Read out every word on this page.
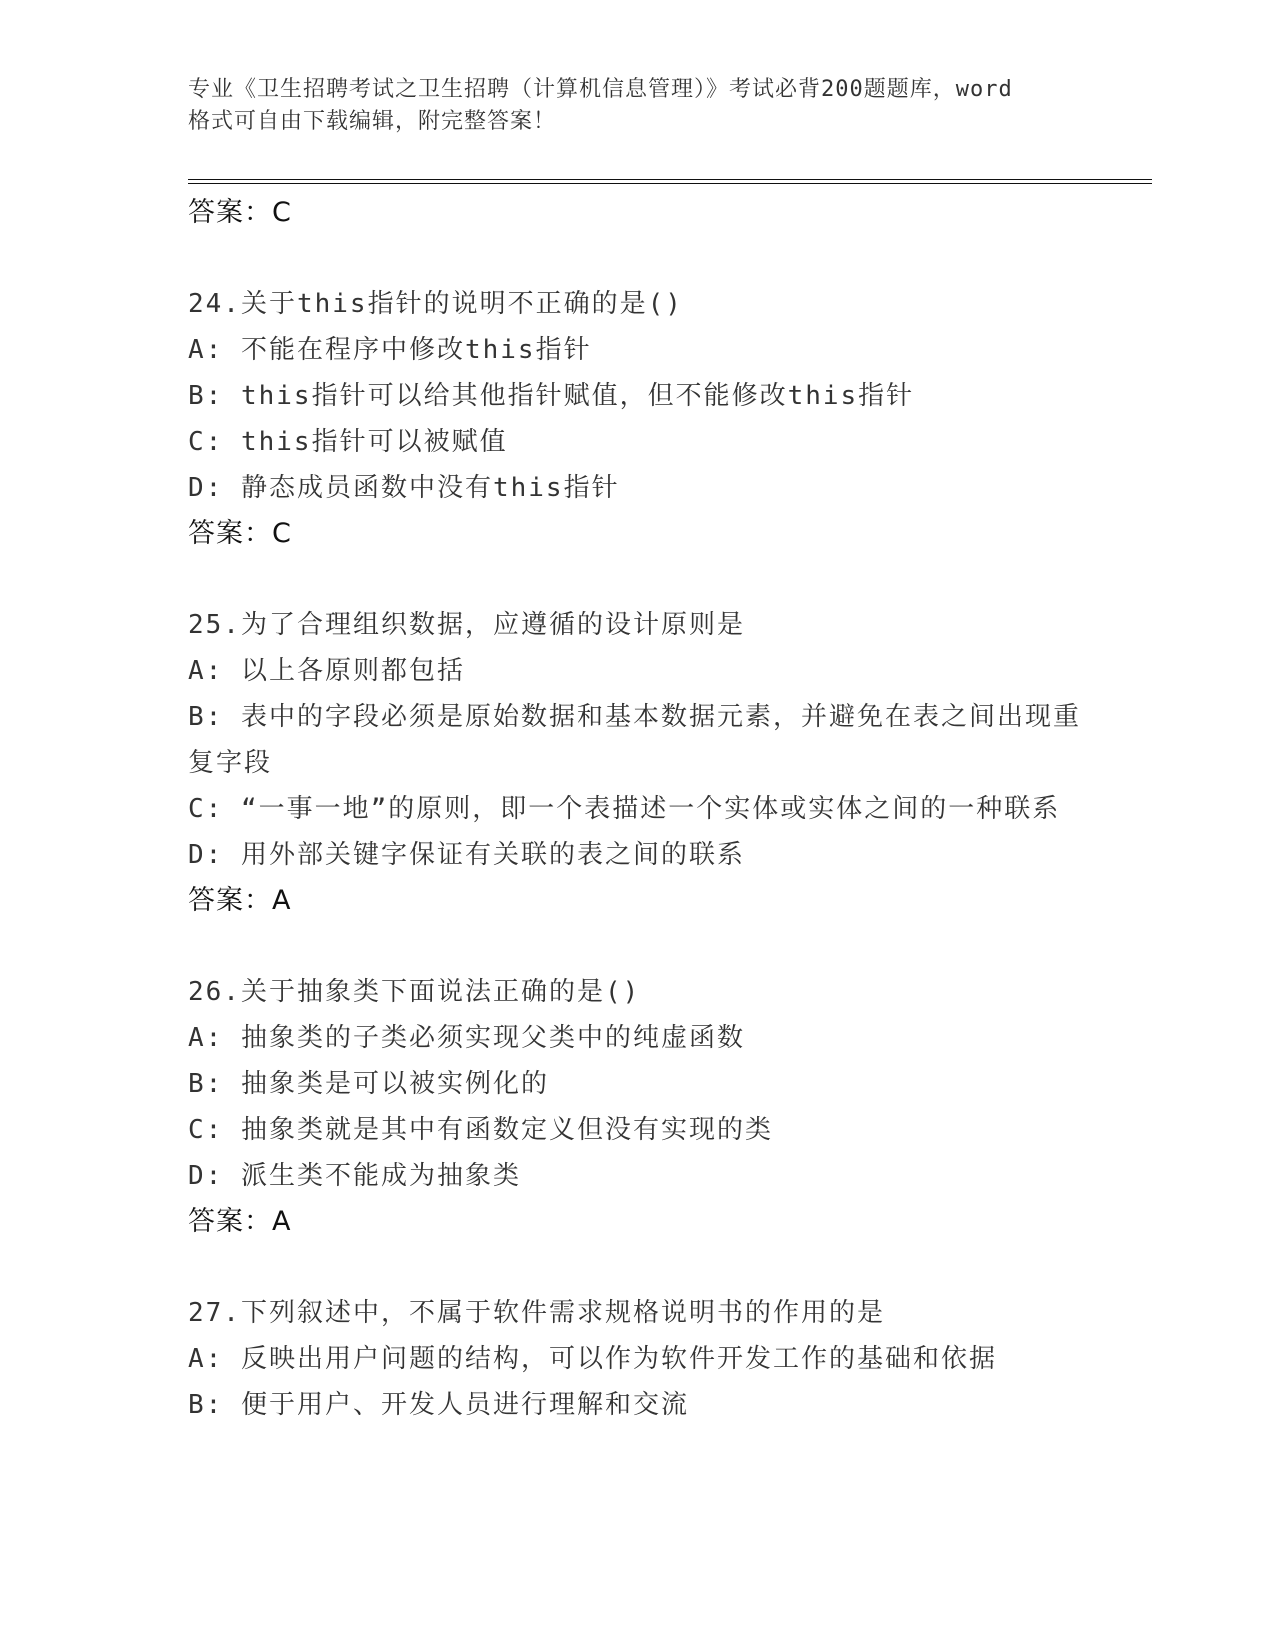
专业《卫生招聘考试之卫生招聘（计算机信息管理）》考试必背200题题库，word
格式可自由下载编辑，附完整答案！
答案：C

24.关于this指针的说明不正确的是()

A: 不能在程序中修改this指针

B: this指针可以给其他指针赋值，但不能修改this指针

C: this指针可以被赋值

D: 静态成员函数中没有this指针

答案：C

25.为了合理组织数据，应遵循的设计原则是

A: 以上各原则都包括

B: 表中的字段必须是原始数据和基本数据元素，并避免在表之间出现重复字段

C: “一事一地”的原则，即一个表描述一个实体或实体之间的一种联系

D: 用外部关键字保证有关联的表之间的联系

答案：A

26.关于抽象类下面说法正确的是()

A: 抽象类的子类必须实现父类中的纯虚函数

B: 抽象类是可以被实例化的

C: 抽象类就是其中有函数定义但没有实现的类

D: 派生类不能成为抽象类

答案：A

27.下列叙述中，不属于软件需求规格说明书的作用的是

A: 反映出用户问题的结构，可以作为软件开发工作的基础和依据

B: 便于用户、开发人员进行理解和交流
